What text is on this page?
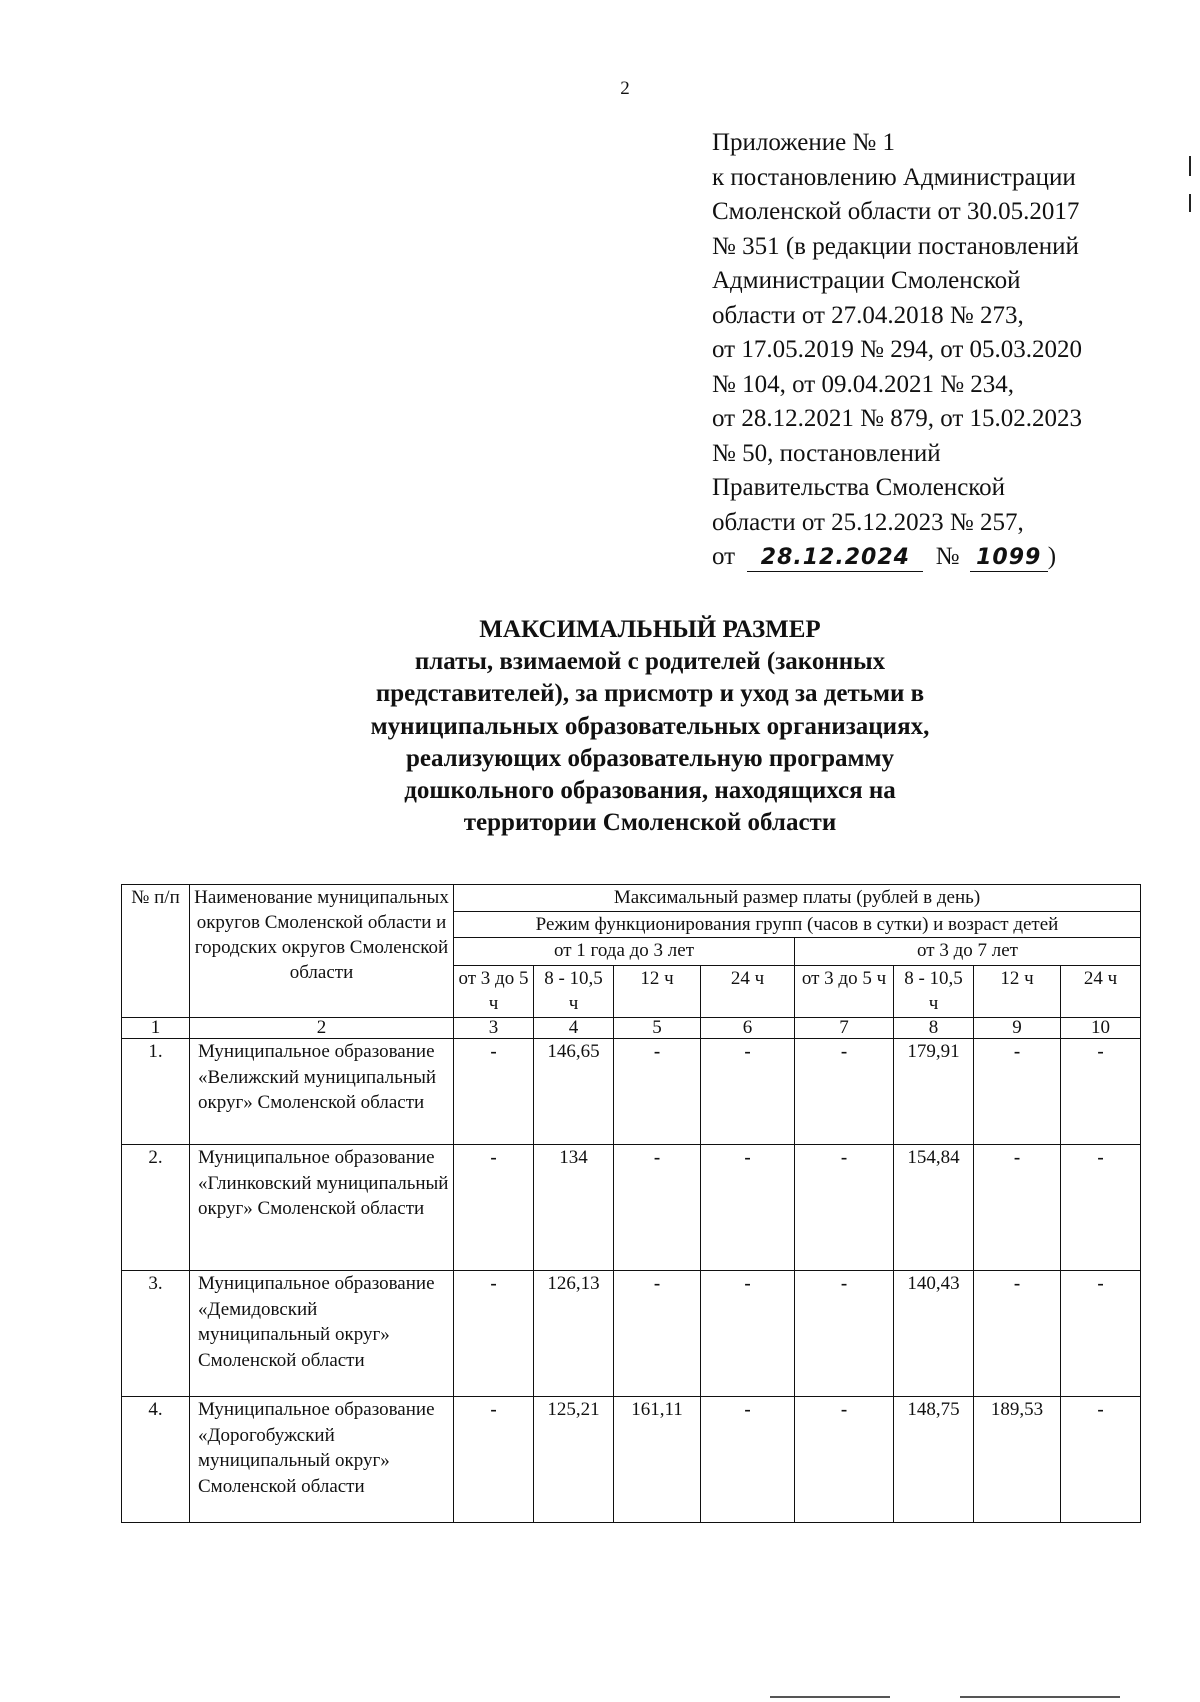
2
Приложение № 1
к постановлению Администрации
Смоленской области от 30.05.2017
№ 351 (в редакции постановлений
Администрации Смоленской
области от 27.04.2018 № 273,
от 17.05.2019 № 294, от 05.03.2020
№ 104, от 09.04.2021 № 234,
от 28.12.2021 № 879, от 15.02.2023
№ 50, постановлений
Правительства Смоленской
области от 25.12.2023 № 257,
от 28.12.2024 № 1099 )
МАКСИМАЛЬНЫЙ РАЗМЕР
платы, взимаемой с родителей (законных
представителей), за присмотр и уход за детьми в
муниципальных образовательных организациях,
реализующих образовательную программу
дошкольного образования, находящихся на
территории Смоленской области
№ п/п	Наименование муниципальных округов Смоленской области и городских округов Смоленской области	Максимальный размер платы (рублей в день)							
		Режим функционирования групп (часов в сутки) и возраст детей							
		от 1 года до 3 лет				от 3 до 7 лет			
		от 3 до 5 ч	8 - 10,5 ч	12 ч	24 ч	от 3 до 5 ч	8 - 10,5 ч	12 ч	24 ч
1	2	3	4	5	6	7	8	9	10
1.	Муниципальное образование «Велижский муниципальный округ» Смоленской области	-	146,65	-	-	-	179,91	-	-
2.	Муниципальное образование «Глинковский муниципальный округ» Смоленской области	-	134	-	-	-	154,84	-	-
3.	Муниципальное образование «Демидовский муниципальный округ» Смоленской области	-	126,13	-	-	-	140,43	-	-
4.	Муниципальное образование «Дорогобужский муниципальный округ» Смоленской области	-	125,21	161,11	-	-	148,75	189,53	-
